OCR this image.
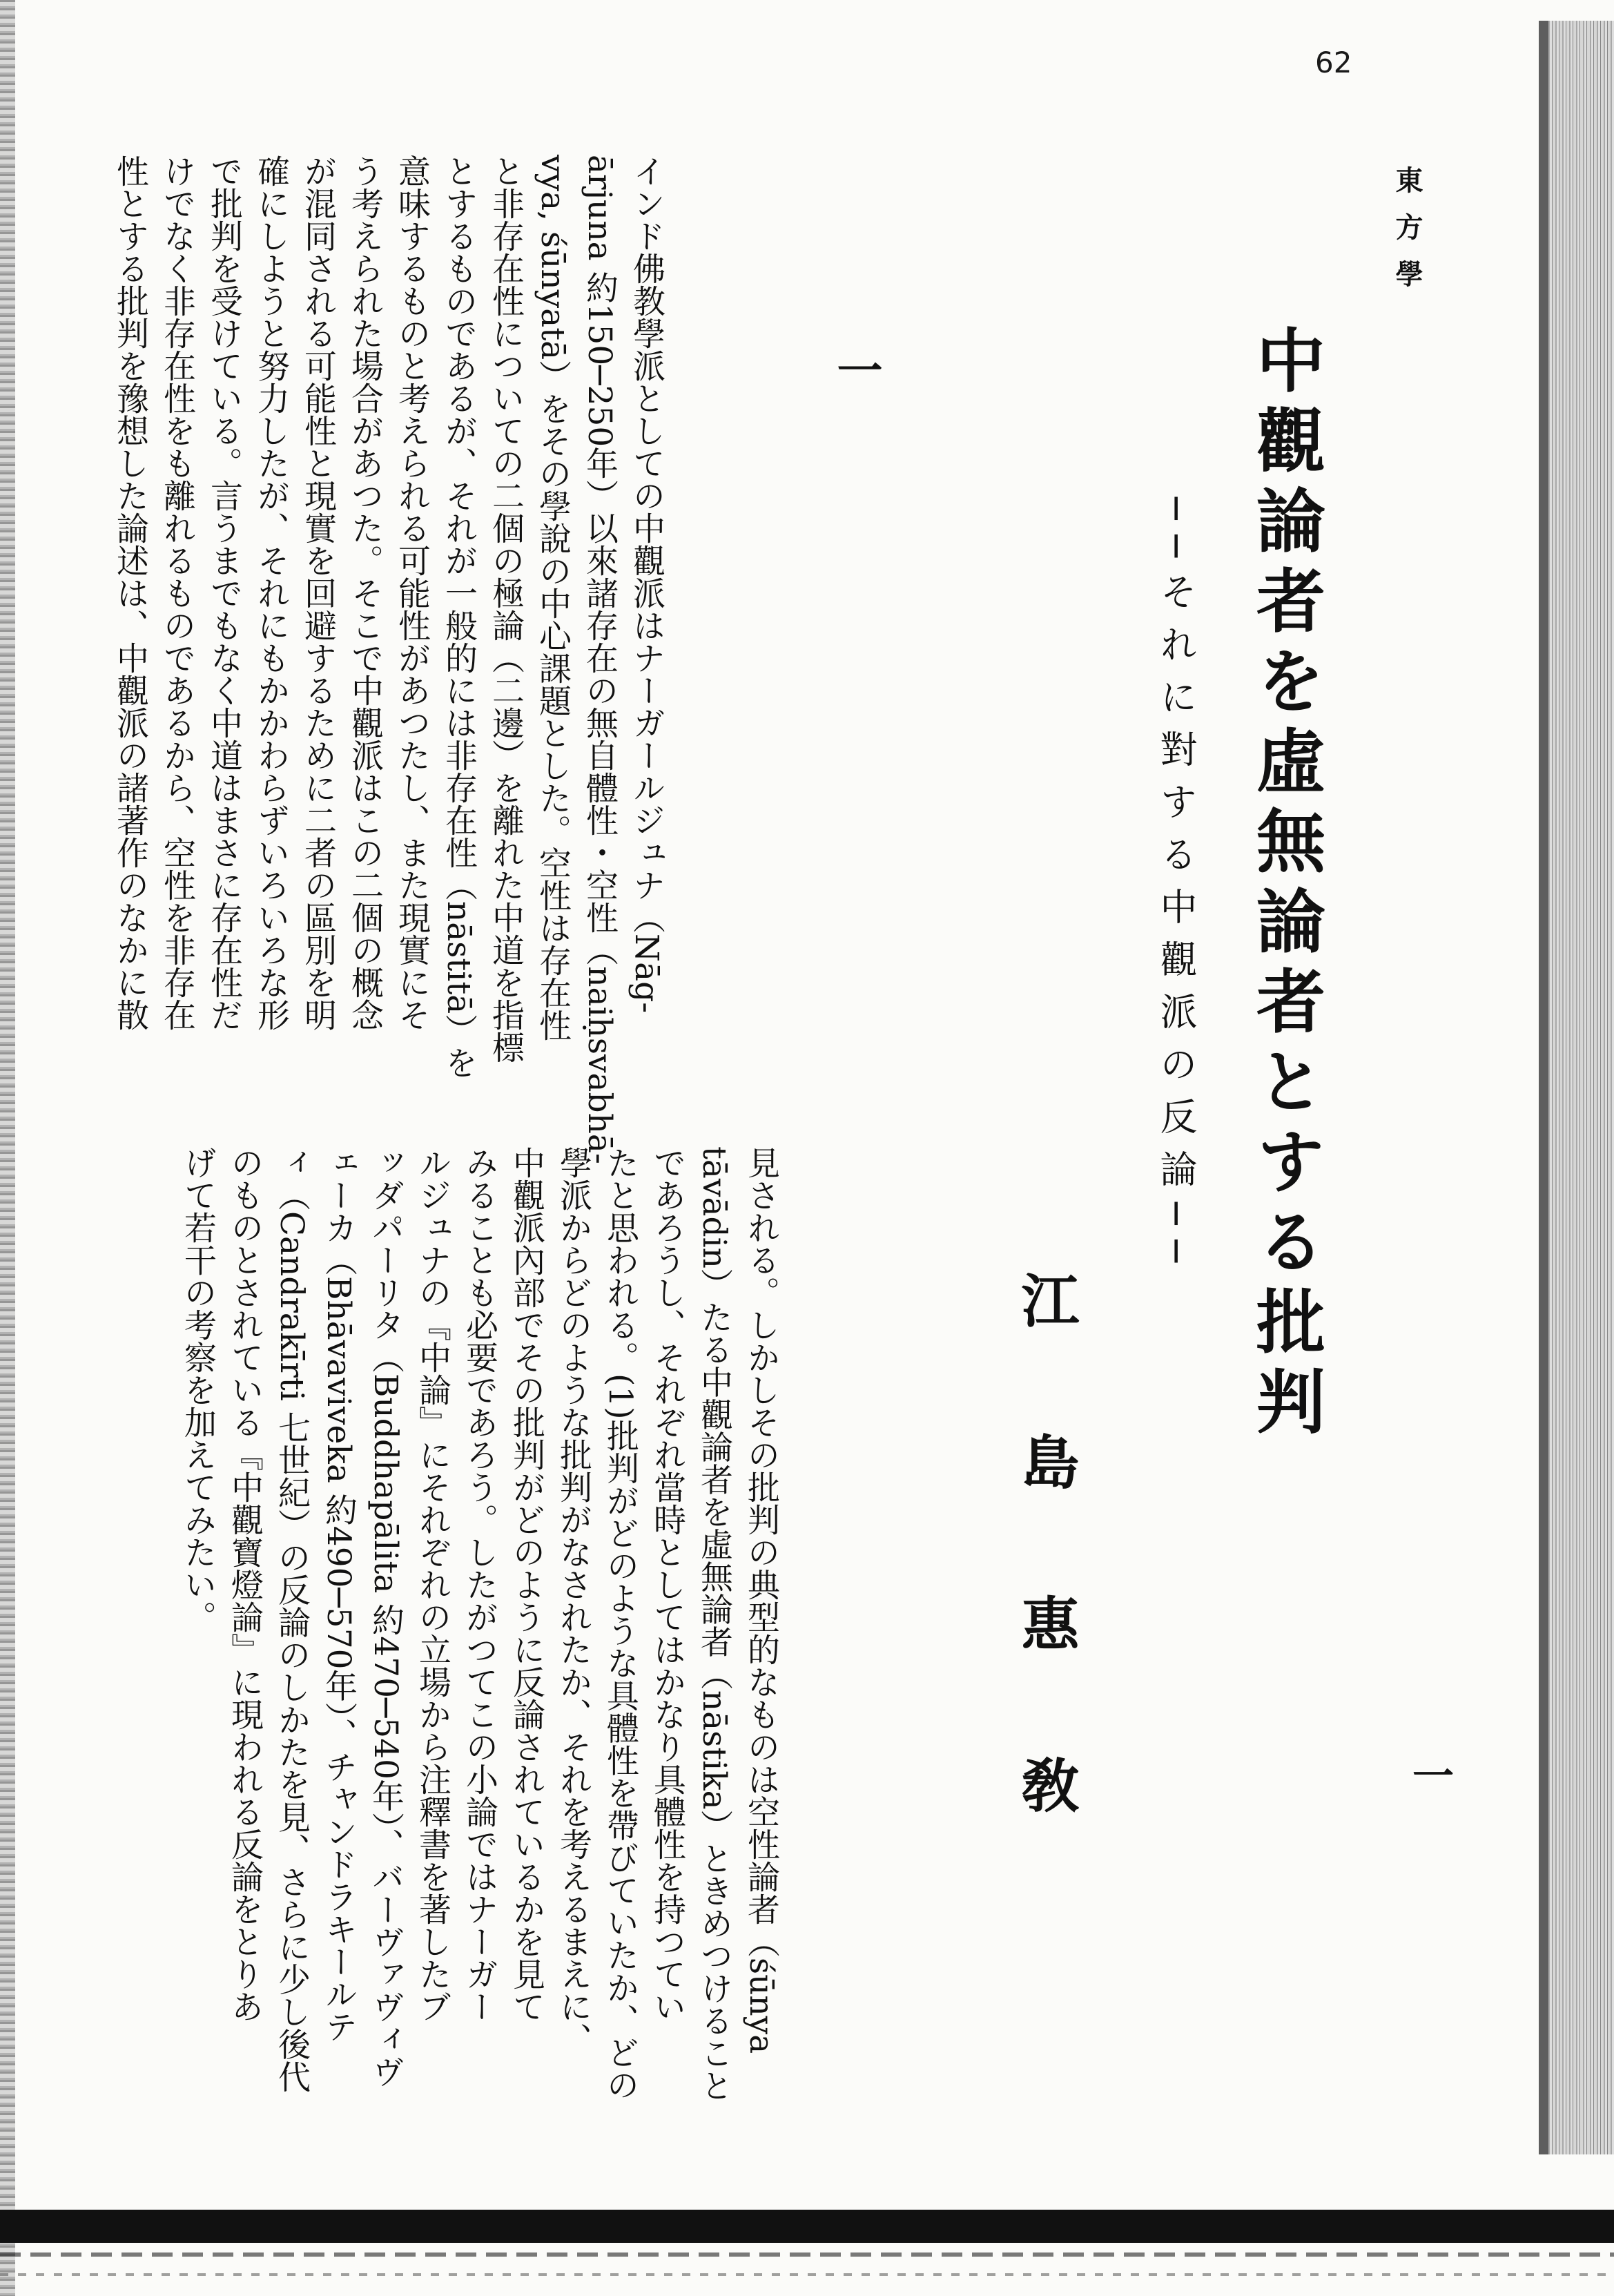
62
東方學
中觀論者を虛無論者とする批判
──それに對する中觀派の反論──
江島惠敎
一
一
インド佛教學派としての中觀派はナーガールジュナ（Nāg-
ārjuna 約150─250年）以來諸存在の無自體性・空性（naiḥsvabhā-
vya, śūnyatā）をその學說の中心課題とした。空性は存在性
と非存在性についての二個の極論（二邊）を離れた中道を指標
とするものであるが、それが一般的には非存在性（nāstitā）を
意味するものと考えられる可能性があつたし、また現實にそ
う考えられた場合があつた。そこで中觀派はこの二個の概念
が混同される可能性と現實を回避するために二者の區別を明
確にしようと努力したが、それにもかかわらずいろいろな形
で批判を受けている。言うまでもなく中道はまさに存在性だ
けでなく非存在性をも離れるものであるから、空性を非存在
性とする批判を豫想した論述は、中觀派の諸著作のなかに散
見される。しかしその批判の典型的なものは空性論者（śūnya
tāvādin）たる中觀論者を虛無論者（nāstika）ときめつけること
であろうし、それぞれ當時としてはかなり具體性を持つてい
たと思われる。(1)批判がどのような具體性を帶びていたか、どの
學派からどのような批判がなされたか、それを考えるまえに、
中觀派內部でその批判がどのように反論されているかを見て
みることも必要であろう。したがつてこの小論ではナーガー
ルジュナの『中論』にそれぞれの立場から注釋書を著したブ
ッダパーリタ（Buddhapālita 約470─540年）、バーヴァヴィヴ
ェーカ（Bhāvaviveka 約490─570年）、チャンドラキールテ
ィ（Candrakīrti 七世紀）の反論のしかたを見、さらに少し後代
のものとされている『中觀寶燈論』に現われる反論をとりあ
げて若干の考察を加えてみたい。
